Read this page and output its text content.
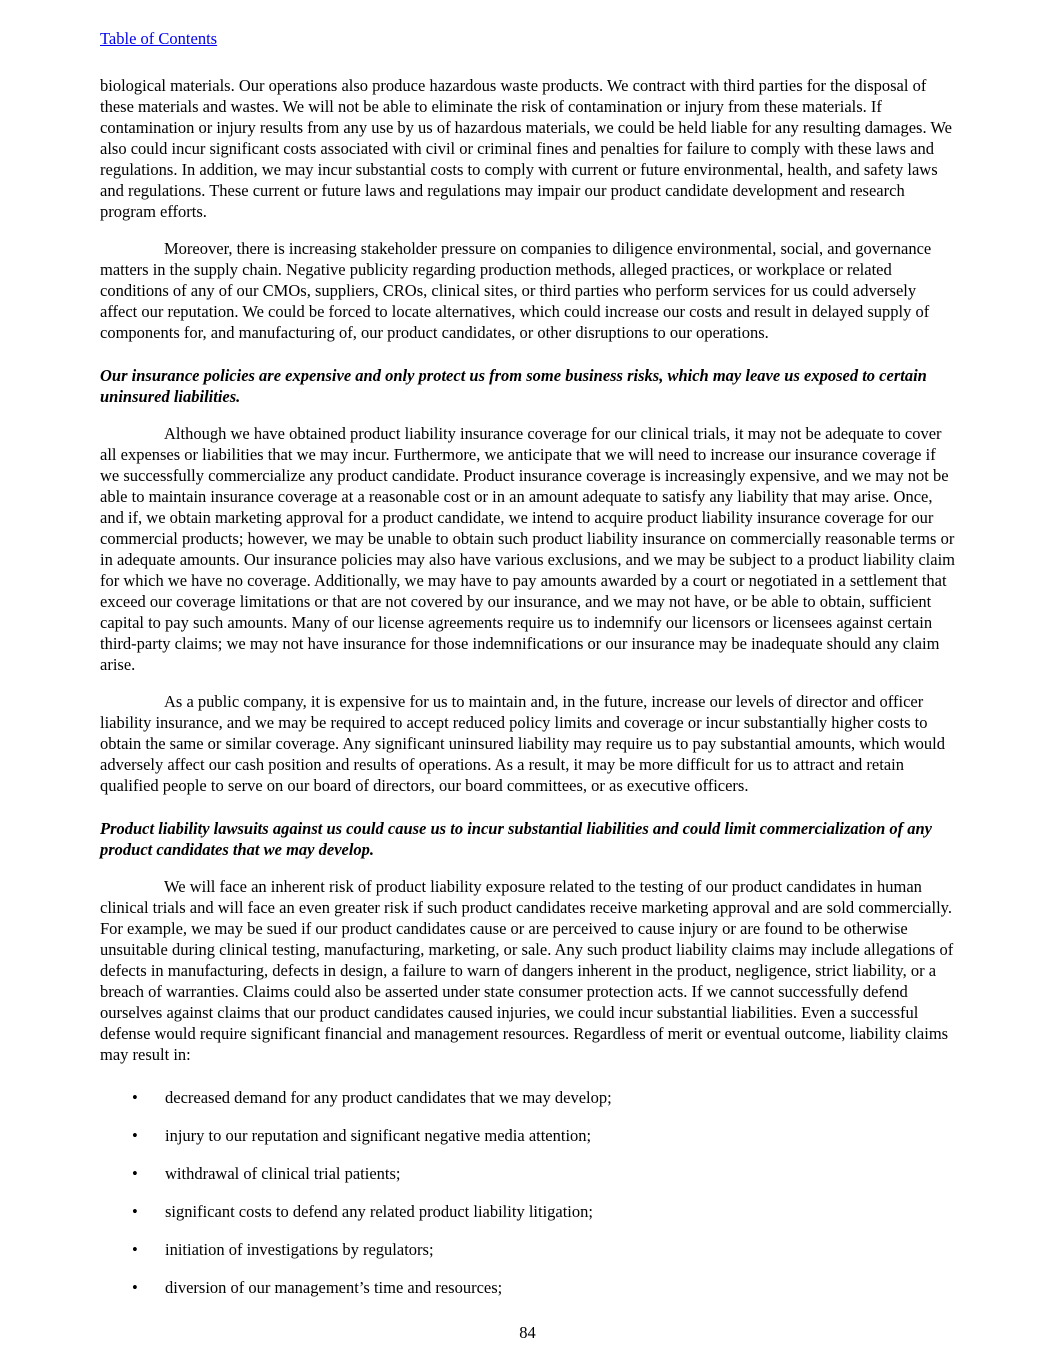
Table of Contents

biological materials. Our operations also produce hazardous waste products. We contract with third parties for the disposal of these materials and wastes. We will not be able to eliminate the risk of contamination or injury from these materials. If contamination or injury results from any use by us of hazardous materials, we could be held liable for any resulting damages. We also could incur significant costs associated with civil or criminal fines and penalties for failure to comply with these laws and regulations. In addition, we may incur substantial costs to comply with current or future environmental, health, and safety laws and regulations. These current or future laws and regulations may impair our product candidate development and research program efforts.

Moreover, there is increasing stakeholder pressure on companies to diligence environmental, social, and governance matters in the supply chain. Negative publicity regarding production methods, alleged practices, or workplace or related conditions of any of our CMOs, suppliers, CROs, clinical sites, or third parties who perform services for us could adversely affect our reputation. We could be forced to locate alternatives, which could increase our costs and result in delayed supply of components for, and manufacturing of, our product candidates, or other disruptions to our operations.

Our insurance policies are expensive and only protect us from some business risks, which may leave us exposed to certain uninsured liabilities.

Although we have obtained product liability insurance coverage for our clinical trials, it may not be adequate to cover all expenses or liabilities that we may incur. Furthermore, we anticipate that we will need to increase our insurance coverage if we successfully commercialize any product candidate. Product insurance coverage is increasingly expensive, and we may not be able to maintain insurance coverage at a reasonable cost or in an amount adequate to satisfy any liability that may arise. Once, and if, we obtain marketing approval for a product candidate, we intend to acquire product liability insurance coverage for our commercial products; however, we may be unable to obtain such product liability insurance on commercially reasonable terms or in adequate amounts. Our insurance policies may also have various exclusions, and we may be subject to a product liability claim for which we have no coverage. Additionally, we may have to pay amounts awarded by a court or negotiated in a settlement that exceed our coverage limitations or that are not covered by our insurance, and we may not have, or be able to obtain, sufficient capital to pay such amounts. Many of our license agreements require us to indemnify our licensors or licensees against certain third-party claims; we may not have insurance for those indemnifications or our insurance may be inadequate should any claim arise.

As a public company, it is expensive for us to maintain and, in the future, increase our levels of director and officer liability insurance, and we may be required to accept reduced policy limits and coverage or incur substantially higher costs to obtain the same or similar coverage. Any significant uninsured liability may require us to pay substantial amounts, which would adversely affect our cash position and results of operations. As a result, it may be more difficult for us to attract and retain qualified people to serve on our board of directors, our board committees, or as executive officers.

Product liability lawsuits against us could cause us to incur substantial liabilities and could limit commercialization of any product candidates that we may develop.

We will face an inherent risk of product liability exposure related to the testing of our product candidates in human clinical trials and will face an even greater risk if such product candidates receive marketing approval and are sold commercially. For example, we may be sued if our product candidates cause or are perceived to cause injury or are found to be otherwise unsuitable during clinical testing, manufacturing, marketing, or sale. Any such product liability claims may include allegations of defects in manufacturing, defects in design, a failure to warn of dangers inherent in the product, negligence, strict liability, or a breach of warranties. Claims could also be asserted under state consumer protection acts. If we cannot successfully defend ourselves against claims that our product candidates caused injuries, we could incur substantial liabilities. Even a successful defense would require significant financial and management resources. Regardless of merit or eventual outcome, liability claims may result in:

•	decreased demand for any product candidates that we may develop;
•	injury to our reputation and significant negative media attention;
•	withdrawal of clinical trial patients;
•	significant costs to defend any related product liability litigation;
•	initiation of investigations by regulators;
•	diversion of our management’s time and resources;
84
